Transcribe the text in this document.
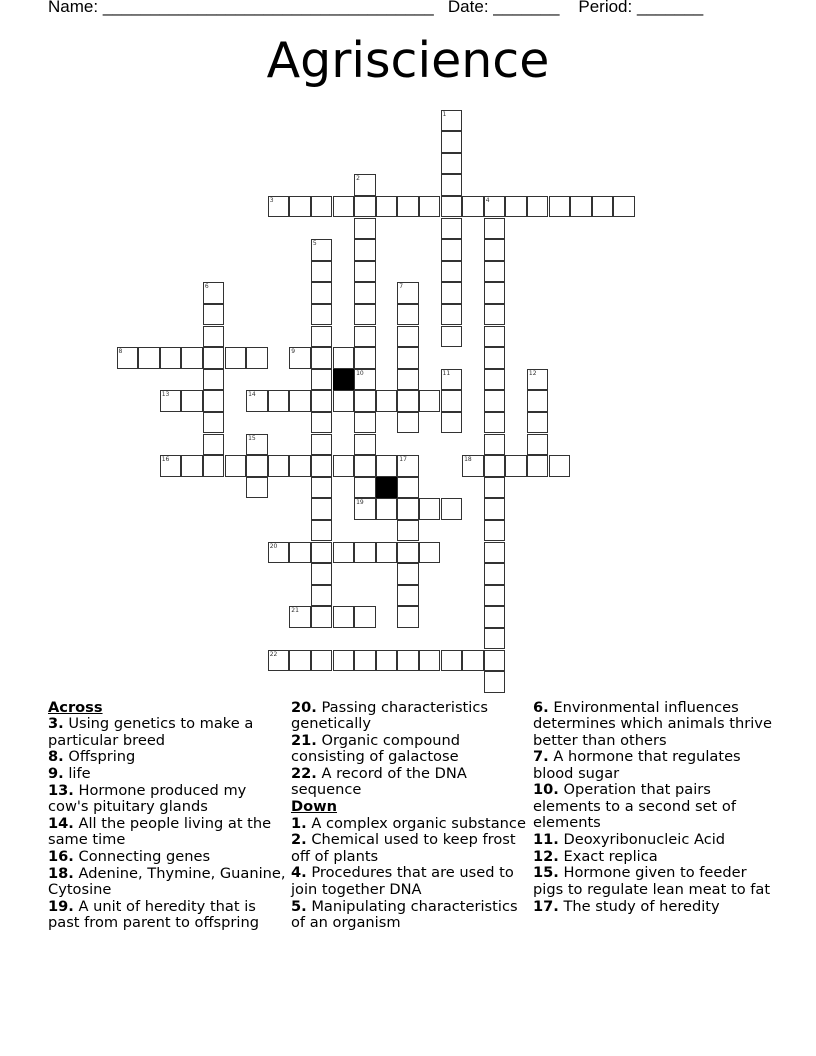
Name: ___________________________________ Date: _______ Period: _______
Agriscience
1
2
3	4
5
6	7
8	9
10
19
11	12
13	14
15
16	17	18
20
21
22
Across
3. Using genetics to make a particular breed
8. Offspring
9. life
13. Hormone produced my cow's pituitary glands
14. All the people living at the same time
16. Connecting genes
18. Adenine, Thymine, Guanine, Cytosine
19. A unit of heredity that is past from parent to offspring
20. Passing characteristics genetically
21. Organic compound consisting of galactose
22. A record of the DNA sequence
Down
1. A complex organic substance
2. Chemical used to keep frost off of plants
4. Procedures that are used to join together DNA
5. Manipulating characteristics of an organism
6. Environmental influences determines which animals thrive better than others
7. A hormone that regulates blood sugar
10. Operation that pairs elements to a second set of elements
11. Deoxyribonucleic Acid
12. Exact replica
15. Hormone given to feeder pigs to regulate lean meat to fat
17. The study of heredity
